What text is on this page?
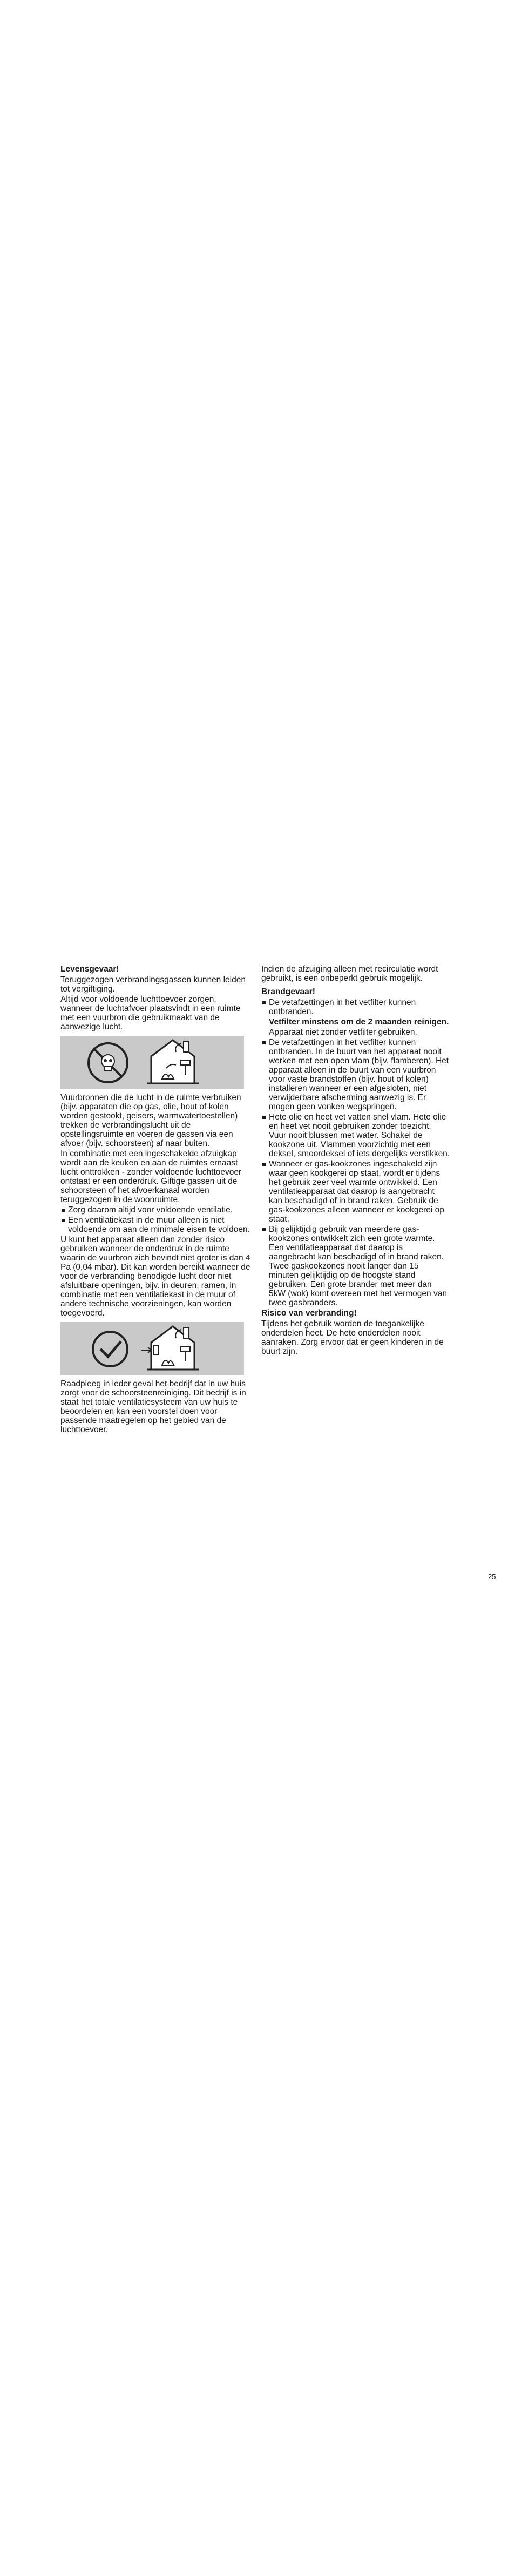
Levensgevaar!
Teruggezogen verbrandingsgassen kunnen leiden tot vergiftiging.
Altijd voor voldoende luchttoevoer zorgen, wanneer de luchtafvoer plaatsvindt in een ruimte met een vuurbron die gebruikmaakt van de aanwezige lucht.
Vuurbronnen die de lucht in de ruimte verbruiken (bijv. apparaten die op gas, olie, hout of kolen worden gestookt, geisers, warmwatertoestellen) trekken de verbrandingslucht uit de opstellingsruimte en voeren de gassen via een afvoer (bijv. schoorsteen) af naar buiten.
In combinatie met een ingeschakelde afzuigkap wordt aan de keuken en aan de ruimtes ernaast lucht onttrokken - zonder voldoende luchttoevoer ontstaat er een onderdruk. Giftige gassen uit de schoorsteen of het afvoerkanaal worden teruggezogen in de woonruimte.
Zorg daarom altijd voor voldoende ventilatie.
Een ventilatiekast in de muur alleen is niet voldoende om aan de minimale eisen te voldoen.
U kunt het apparaat alleen dan zonder risico gebruiken wanneer de onderdruk in de ruimte waarin de vuurbron zich bevindt niet groter is dan 4 Pa (0,04 mbar). Dit kan worden bereikt wanneer de voor de verbranding benodigde lucht door niet afsluitbare openingen, bijv. in deuren, ramen, in combinatie met een ventilatiekast in de muur of andere technische voorzieningen, kan worden toegevoerd.
Raadpleeg in ieder geval het bedrijf dat in uw huis zorgt voor de schoorsteenreiniging. Dit bedrijf is in staat het totale ventilatiesysteem van uw huis te beoordelen en kan een voorstel doen voor passende maatregelen op het gebied van de luchttoevoer.
Indien de afzuiging alleen met recirculatie wordt gebruikt, is een onbeperkt gebruik mogelijk.
Brandgevaar!
De vetafzettingen in het vetfilter kunnen ontbranden.
Vetfilter minstens om de 2 maanden reinigen.
Apparaat niet zonder vetfilter gebruiken.
De vetafzettingen in het vetfilter kunnen ontbranden. In de buurt van het apparaat nooit werken met een open vlam (bijv. flamberen). Het apparaat alleen in de buurt van een vuurbron voor vaste brandstoffen (bijv. hout of kolen) installeren wanneer er een afgesloten, niet verwijderbare afscherming aanwezig is. Er mogen geen vonken wegspringen.
Hete olie en heet vet vatten snel vlam. Hete olie en heet vet nooit gebruiken zonder toezicht. Vuur nooit blussen met water. Schakel de kookzone uit. Vlammen voorzichtig met een deksel, smoordeksel of iets dergelijks verstikken.
Wanneer er gas-kookzones ingeschakeld zijn waar geen kookgerei op staat, wordt er tijdens het gebruik zeer veel warmte ontwikkeld. Een ventilatieapparaat dat daarop is aangebracht kan beschadigd of in brand raken. Gebruik de gas-kookzones alleen wanneer er kookgerei op staat.
Bij gelijktijdig gebruik van meerdere gas-kookzones ontwikkelt zich een grote warmte. Een ventilatieapparaat dat daarop is aangebracht kan beschadigd of in brand raken. Twee gaskookzones nooit langer dan 15 minuten gelijktijdig op de hoogste stand gebruiken. Een grote brander met meer dan 5kW (wok) komt overeen met het vermogen van twee gasbranders.
Risico van verbranding!
Tijdens het gebruik worden de toegankelijke onderdelen heet. De hete onderdelen nooit aanraken. Zorg ervoor dat er geen kinderen in de buurt zijn.
25
